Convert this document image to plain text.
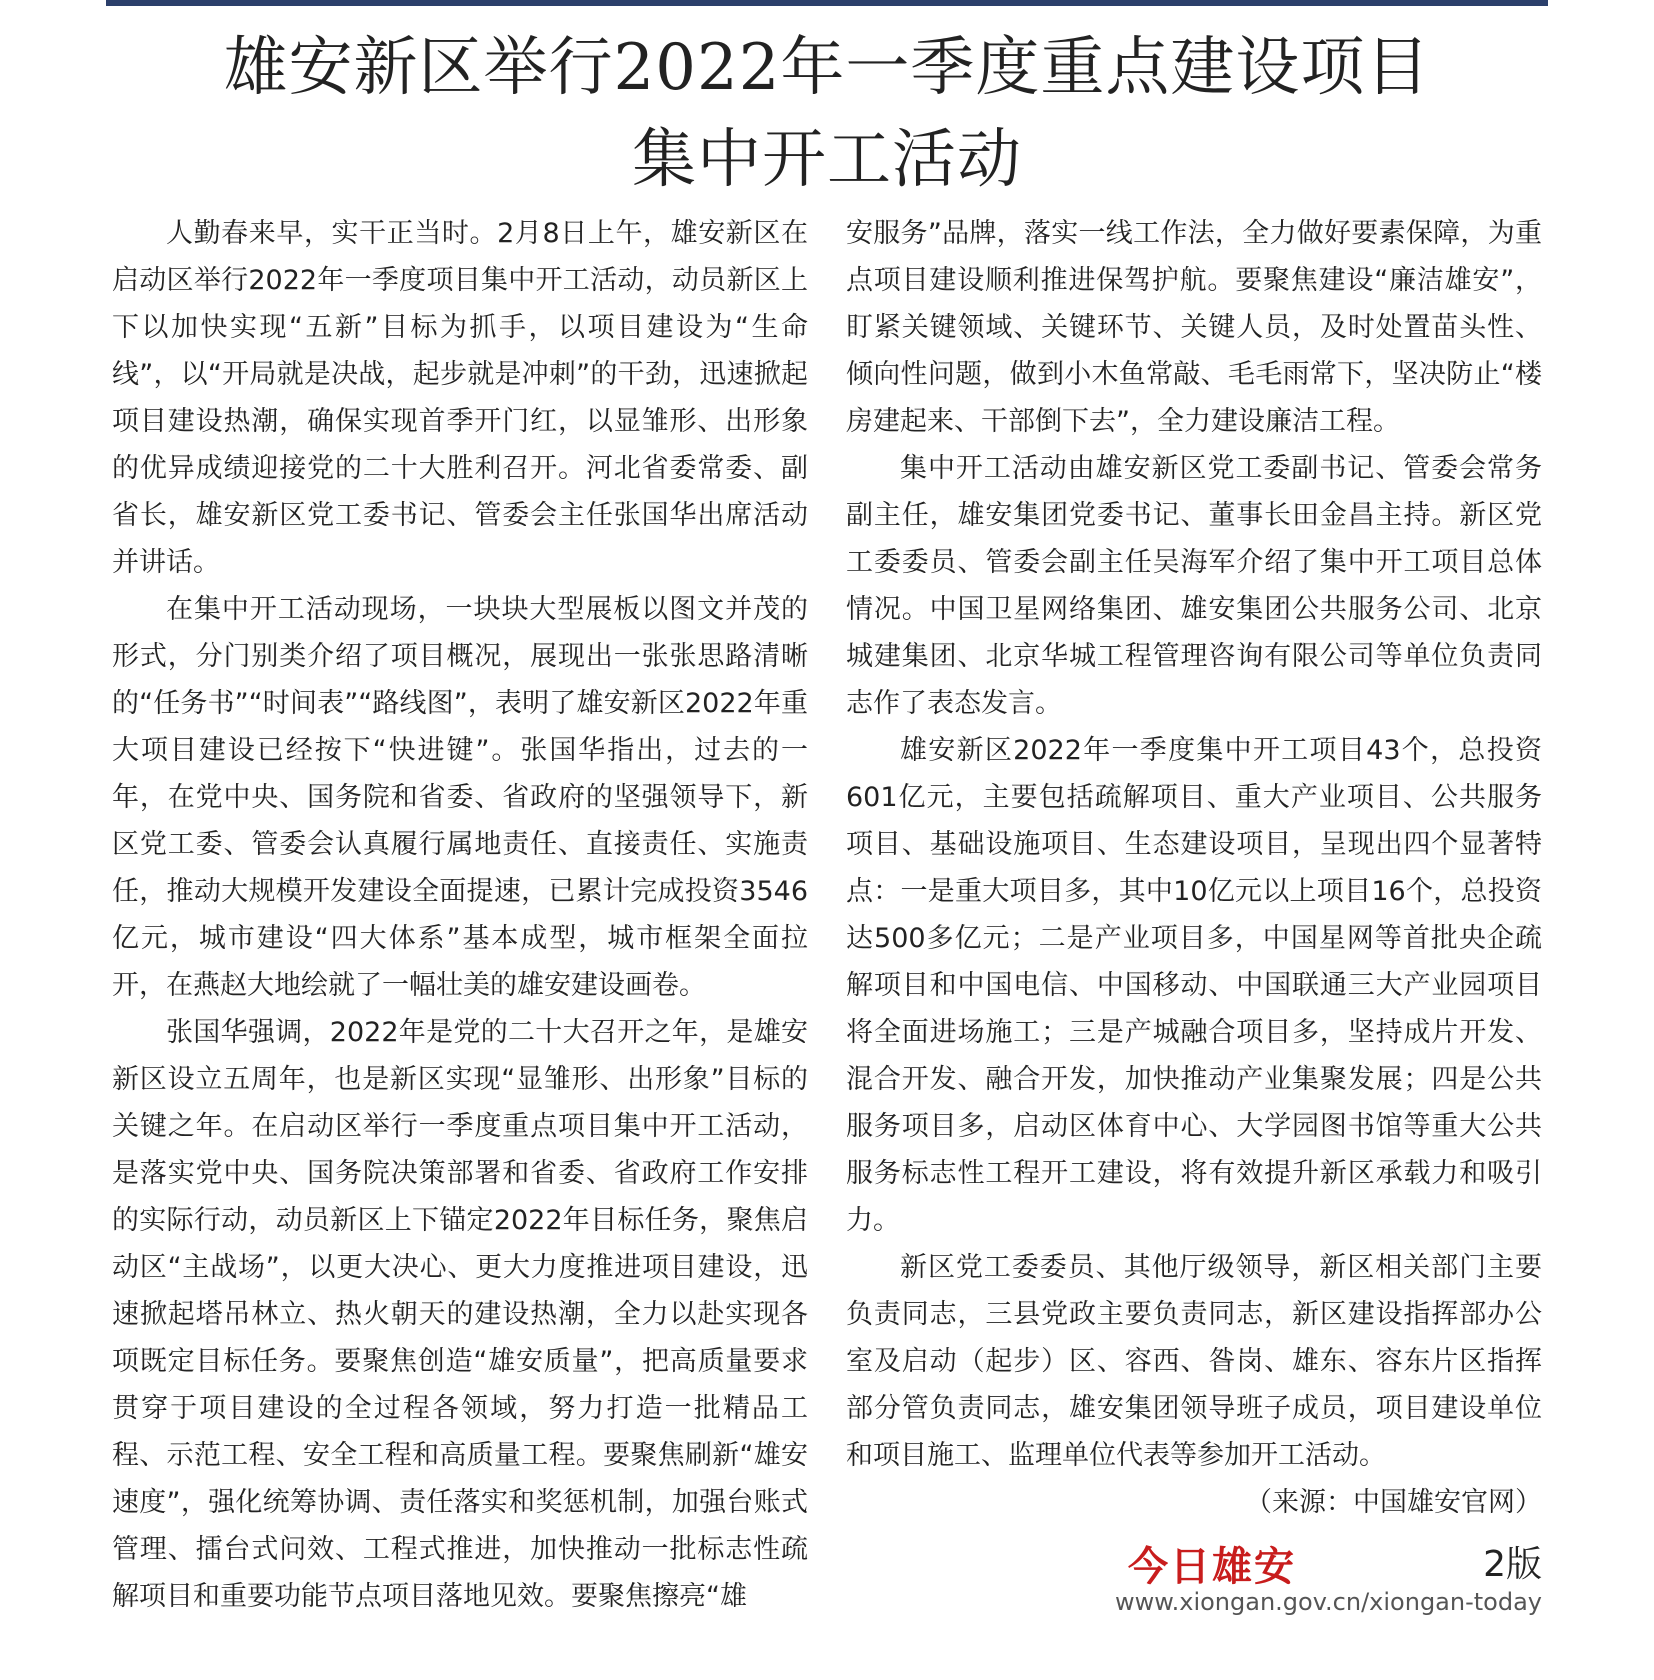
雄安新区举行2022年一季度重点建设项目
集中开工活动

人勤春来早，实干正当时。2月8日上午，雄安新区在启动区举行2022年一季度项目集中开工活动，动员新区上下以加快实现“五新”目标为抓手，以项目建设为“生命线”，以“开局就是决战，起步就是冲刺”的干劲，迅速掀起项目建设热潮，确保实现首季开门红，以显雏形、出形象的优异成绩迎接党的二十大胜利召开。河北省委常委、副省长，雄安新区党工委书记、管委会主任张国华出席活动并讲话。

在集中开工活动现场，一块块大型展板以图文并茂的形式，分门别类介绍了项目概况，展现出一张张思路清晰的“任务书”“时间表”“路线图”，表明了雄安新区2022年重大项目建设已经按下“快进键”。张国华指出，过去的一年，在党中央、国务院和省委、省政府的坚强领导下，新区党工委、管委会认真履行属地责任、直接责任、实施责任，推动大规模开发建设全面提速，已累计完成投资3546亿元，城市建设“四大体系”基本成型，城市框架全面拉开，在燕赵大地绘就了一幅壮美的雄安建设画卷。

张国华强调，2022年是党的二十大召开之年，是雄安新区设立五周年，也是新区实现“显雏形、出形象”目标的关键之年。在启动区举行一季度重点项目集中开工活动，是落实党中央、国务院决策部署和省委、省政府工作安排的实际行动，动员新区上下锚定2022年目标任务，聚焦启动区“主战场”，以更大决心、更大力度推进项目建设，迅速掀起塔吊林立、热火朝天的建设热潮，全力以赴实现各项既定目标任务。要聚焦创造“雄安质量”，把高质量要求贯穿于项目建设的全过程各领域，努力打造一批精品工程、示范工程、安全工程和高质量工程。要聚焦刷新“雄安速度”，强化统筹协调、责任落实和奖惩机制，加强台账式管理、擂台式问效、工程式推进，加快推动一批标志性疏解项目和重要功能节点项目落地见效。要聚焦擦亮“雄

安服务”品牌，落实一线工作法，全力做好要素保障，为重点项目建设顺利推进保驾护航。要聚焦建设“廉洁雄安”，盯紧关键领域、关键环节、关键人员，及时处置苗头性、倾向性问题，做到小木鱼常敲、毛毛雨常下，坚决防止“楼房建起来、干部倒下去”，全力建设廉洁工程。

集中开工活动由雄安新区党工委副书记、管委会常务副主任，雄安集团党委书记、董事长田金昌主持。新区党工委委员、管委会副主任吴海军介绍了集中开工项目总体情况。中国卫星网络集团、雄安集团公共服务公司、北京城建集团、北京华城工程管理咨询有限公司等单位负责同志作了表态发言。

雄安新区2022年一季度集中开工项目43个，总投资601亿元，主要包括疏解项目、重大产业项目、公共服务项目、基础设施项目、生态建设项目，呈现出四个显著特点：一是重大项目多，其中10亿元以上项目16个，总投资达500多亿元；二是产业项目多，中国星网等首批央企疏解项目和中国电信、中国移动、中国联通三大产业园项目将全面进场施工；三是产城融合项目多，坚持成片开发、混合开发、融合开发，加快推动产业集聚发展；四是公共服务项目多，启动区体育中心、大学园图书馆等重大公共服务标志性工程开工建设，将有效提升新区承载力和吸引力。

新区党工委委员、其他厅级领导，新区相关部门主要负责同志，三县党政主要负责同志，新区建设指挥部办公室及启动（起步）区、容西、昝岗、雄东、容东片区指挥部分管负责同志，雄安集团领导班子成员，项目建设单位和项目施工、监理单位代表等参加开工活动。

（来源：中国雄安官网）

今日雄安	2版
www.xiongan.gov.cn/xiongan-today
